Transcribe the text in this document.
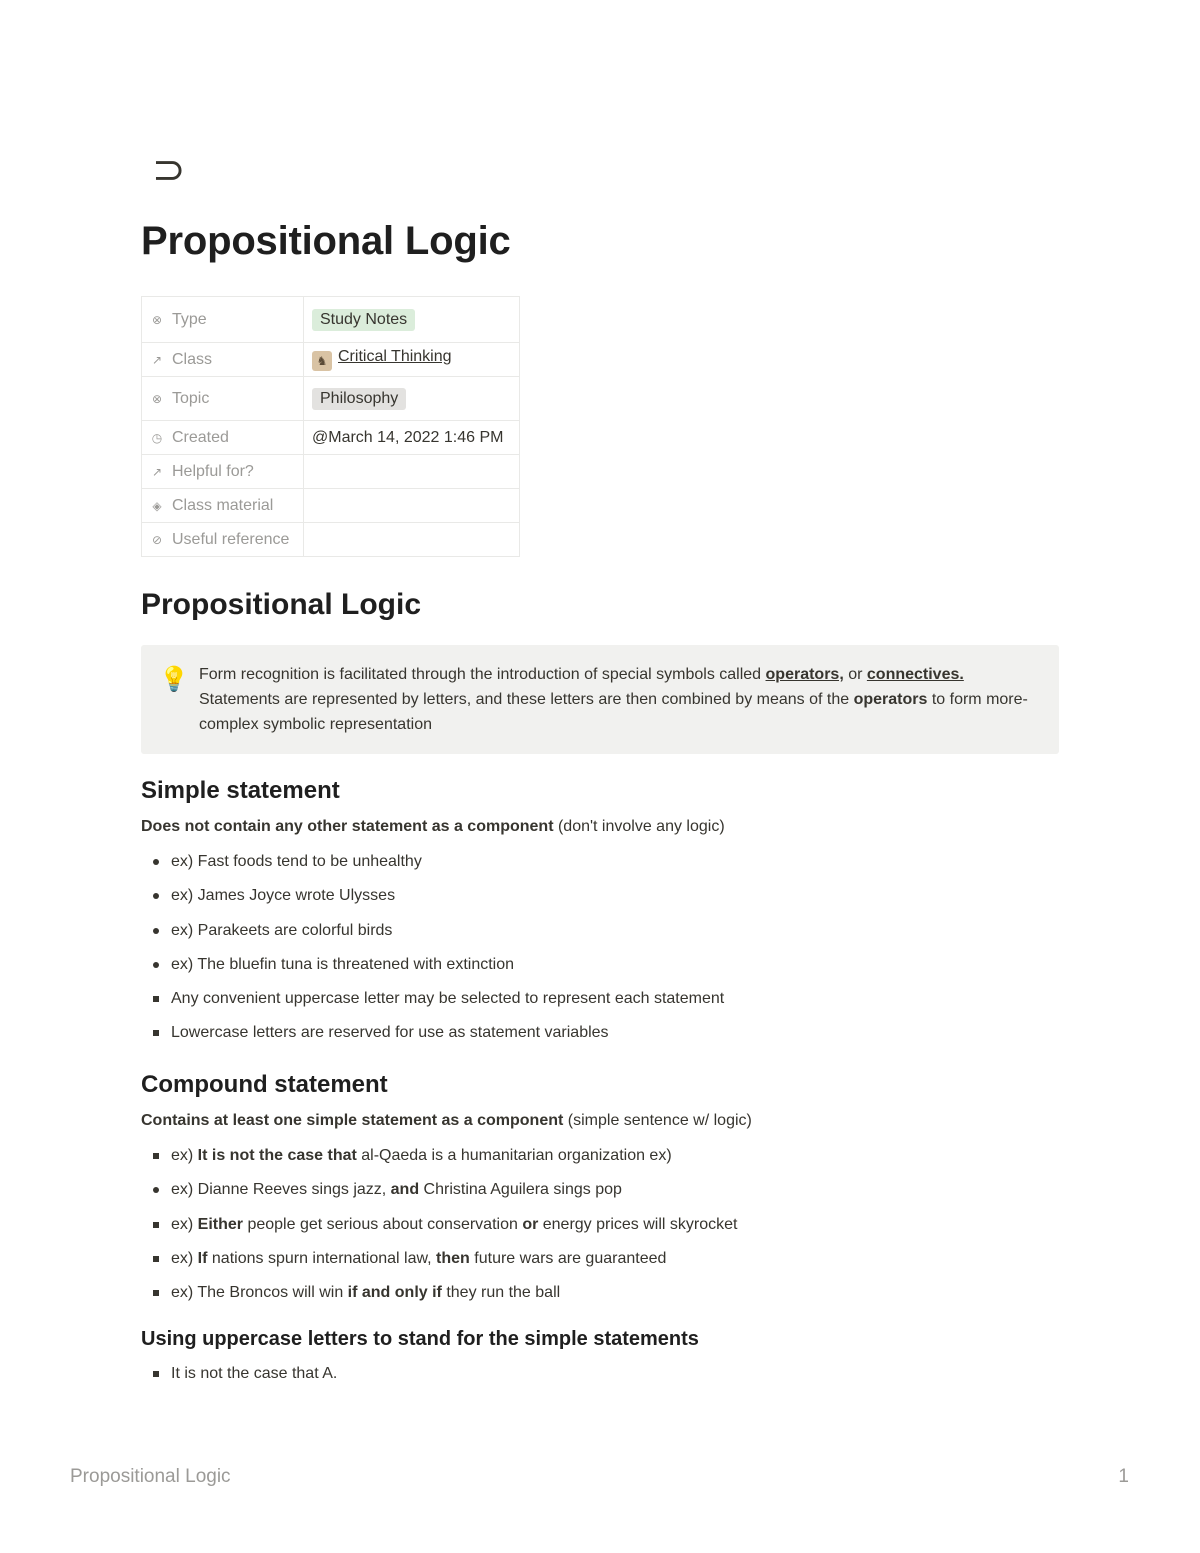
⊃
Propositional Logic
⊗ Type	Study Notes
↗ Class	♞ Critical Thinking
⊗ Topic	Philosophy
◷ Created	@March 14, 2022 1:46 PM
↗ Helpful for?	
◈ Class material	
⊘ Useful reference	
Propositional Logic
💡 Form recognition is facilitated through the introduction of special symbols called operators, or connectives. Statements are represented by letters, and these letters are then combined by means of the operators to form more-complex symbolic representation
Simple statement

Does not contain any other statement as a component (don't involve any logic)

ex) Fast foods tend to be unhealthy
ex) James Joyce wrote Ulysses
ex) Parakeets are colorful birds
ex) The bluefin tuna is threatened with extinction
Any convenient uppercase letter may be selected to represent each statement
Lowercase letters are reserved for use as statement variables
Compound statement

Contains at least one simple statement as a component (simple sentence w/ logic)

ex) It is not the case that al-Qaeda is a humanitarian organization ex)
ex) Dianne Reeves sings jazz, and Christina Aguilera sings pop
ex) Either people get serious about conservation or energy prices will skyrocket
ex) If nations spurn international law, then future wars are guaranteed
ex) The Broncos will win if and only if they run the ball
Using uppercase letters to stand for the simple statements
It is not the case that A.
Propositional Logic	1
